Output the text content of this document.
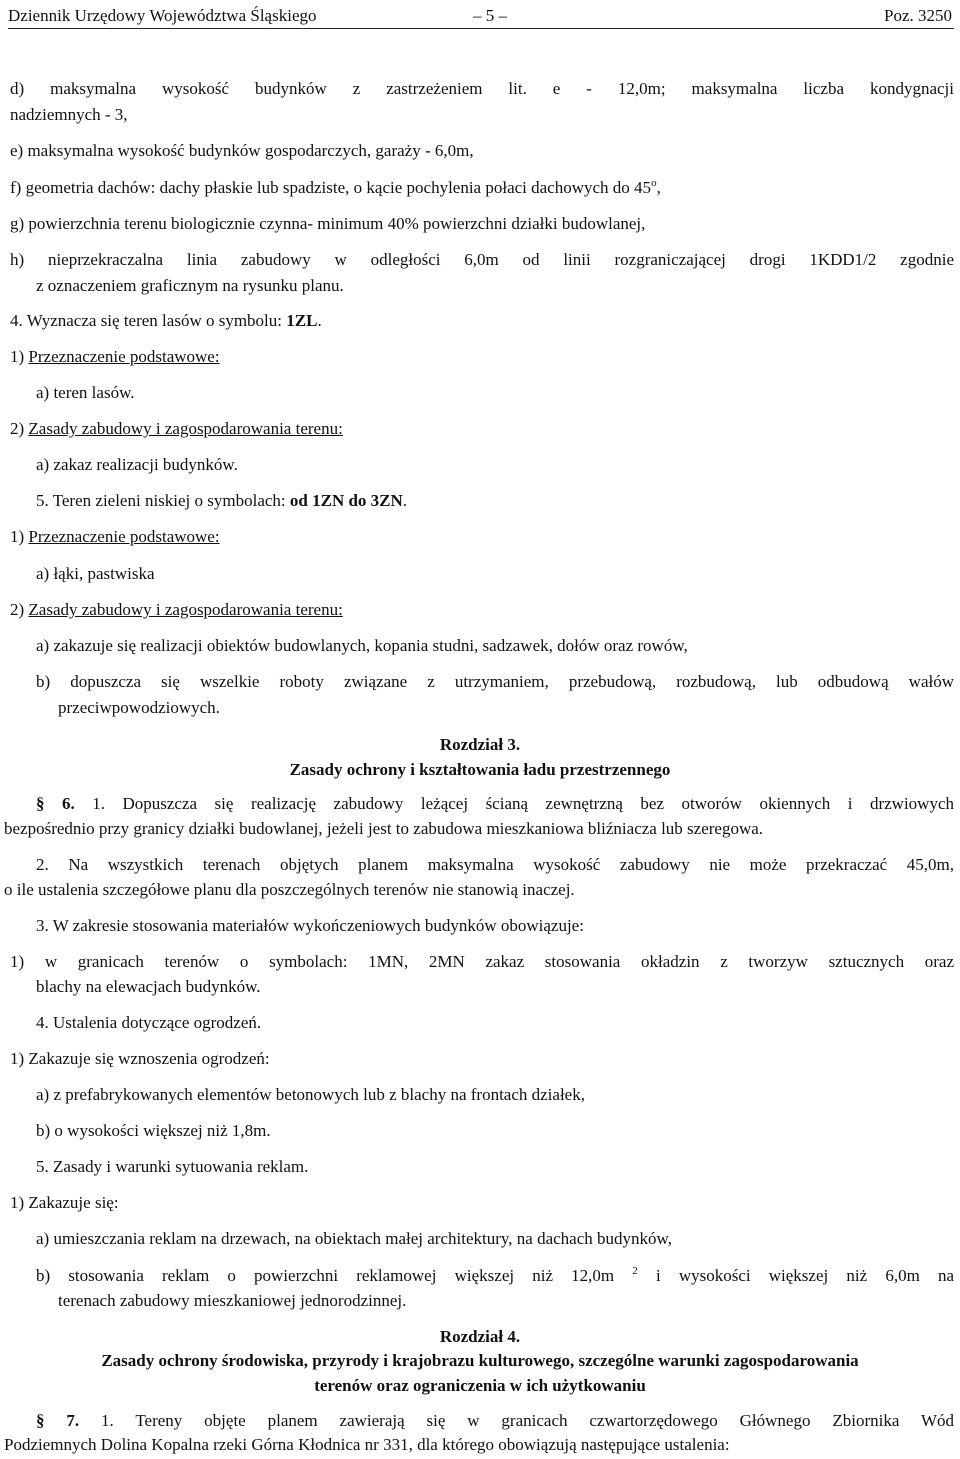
Dziennik Urzędowy Województwa Śląskiego	– 5 –	Poz. 3250
d) maksymalna wysokość budynków z zastrzeżeniem lit. e - 12,0m; maksymalna liczba kondygnacji
nadziemnych - 3,
e) maksymalna wysokość budynków gospodarczych, garaży - 6,0m,
f) geometria dachów: dachy płaskie lub spadziste, o kącie pochylenia połaci dachowych do 45$^o$,
g) powierzchnia terenu biologicznie czynna- minimum 40% powierzchni działki budowlanej,
h) nieprzekraczalna linia zabudowy w odległości 6,0m od linii rozgraniczającej drogi 1KDD1/2 zgodnie
z oznaczeniem graficznym na rysunku planu.
4. Wyznacza się teren lasów o symbolu: 1ZL.
1) Przeznaczenie podstawowe:
a) teren lasów.
2) Zasady zabudowy i zagospodarowania terenu:
a) zakaz realizacji budynków.
5. Teren zieleni niskiej o symbolach: od 1ZN do 3ZN.
1) Przeznaczenie podstawowe:
a) łąki, pastwiska
2) Zasady zabudowy i zagospodarowania terenu:
a) zakazuje się realizacji obiektów budowlanych, kopania studni, sadzawek, dołów oraz rowów,
b) dopuszcza się wszelkie roboty związane z utrzymaniem, przebudową, rozbudową, lub odbudową wałów
przeciwpowodziowych.
Rozdział 3.
Zasady ochrony i kształtowania ładu przestrzennego
§ 6. 1. Dopuszcza się realizację zabudowy leżącej ścianą zewnętrzną bez otworów okiennych i drzwiowych
bezpośrednio przy granicy działki budowlanej, jeżeli jest to zabudowa mieszkaniowa bliźniacza lub szeregowa.
2. Na wszystkich terenach objętych planem maksymalna wysokość zabudowy nie może przekraczać 45,0m,
o ile ustalenia szczegółowe planu dla poszczególnych terenów nie stanowią inaczej.
3. W zakresie stosowania materiałów wykończeniowych budynków obowiązuje:
1) w granicach terenów o symbolach: 1MN, 2MN zakaz stosowania okładzin z tworzyw sztucznych oraz
blachy na elewacjach budynków.
4. Ustalenia dotyczące ogrodzeń.
1) Zakazuje się wznoszenia ogrodzeń:
a) z prefabrykowanych elementów betonowych lub z blachy na frontach działek,
b) o wysokości większej niż 1,8m.
5. Zasady i warunki sytuowania reklam.
1) Zakazuje się:
a) umieszczania reklam na drzewach, na obiektach małej architektury, na dachach budynków,
b) stosowania reklam o powierzchni reklamowej większej niż 12,0m $^2$ i wysokości większej niż 6,0m na
terenach zabudowy mieszkaniowej jednorodzinnej.
Rozdział 4.
Zasady ochrony środowiska, przyrody i krajobrazu kulturowego, szczególne warunki zagospodarowania
terenów oraz ograniczenia w ich użytkowaniu
§ 7. 1. Tereny objęte planem zawierają się w granicach czwartorzędowego Głównego Zbiornika Wód
Podziemnych Dolina Kopalna rzeki Górna Kłodnica nr 331, dla którego obowiązują następujące ustalenia:
